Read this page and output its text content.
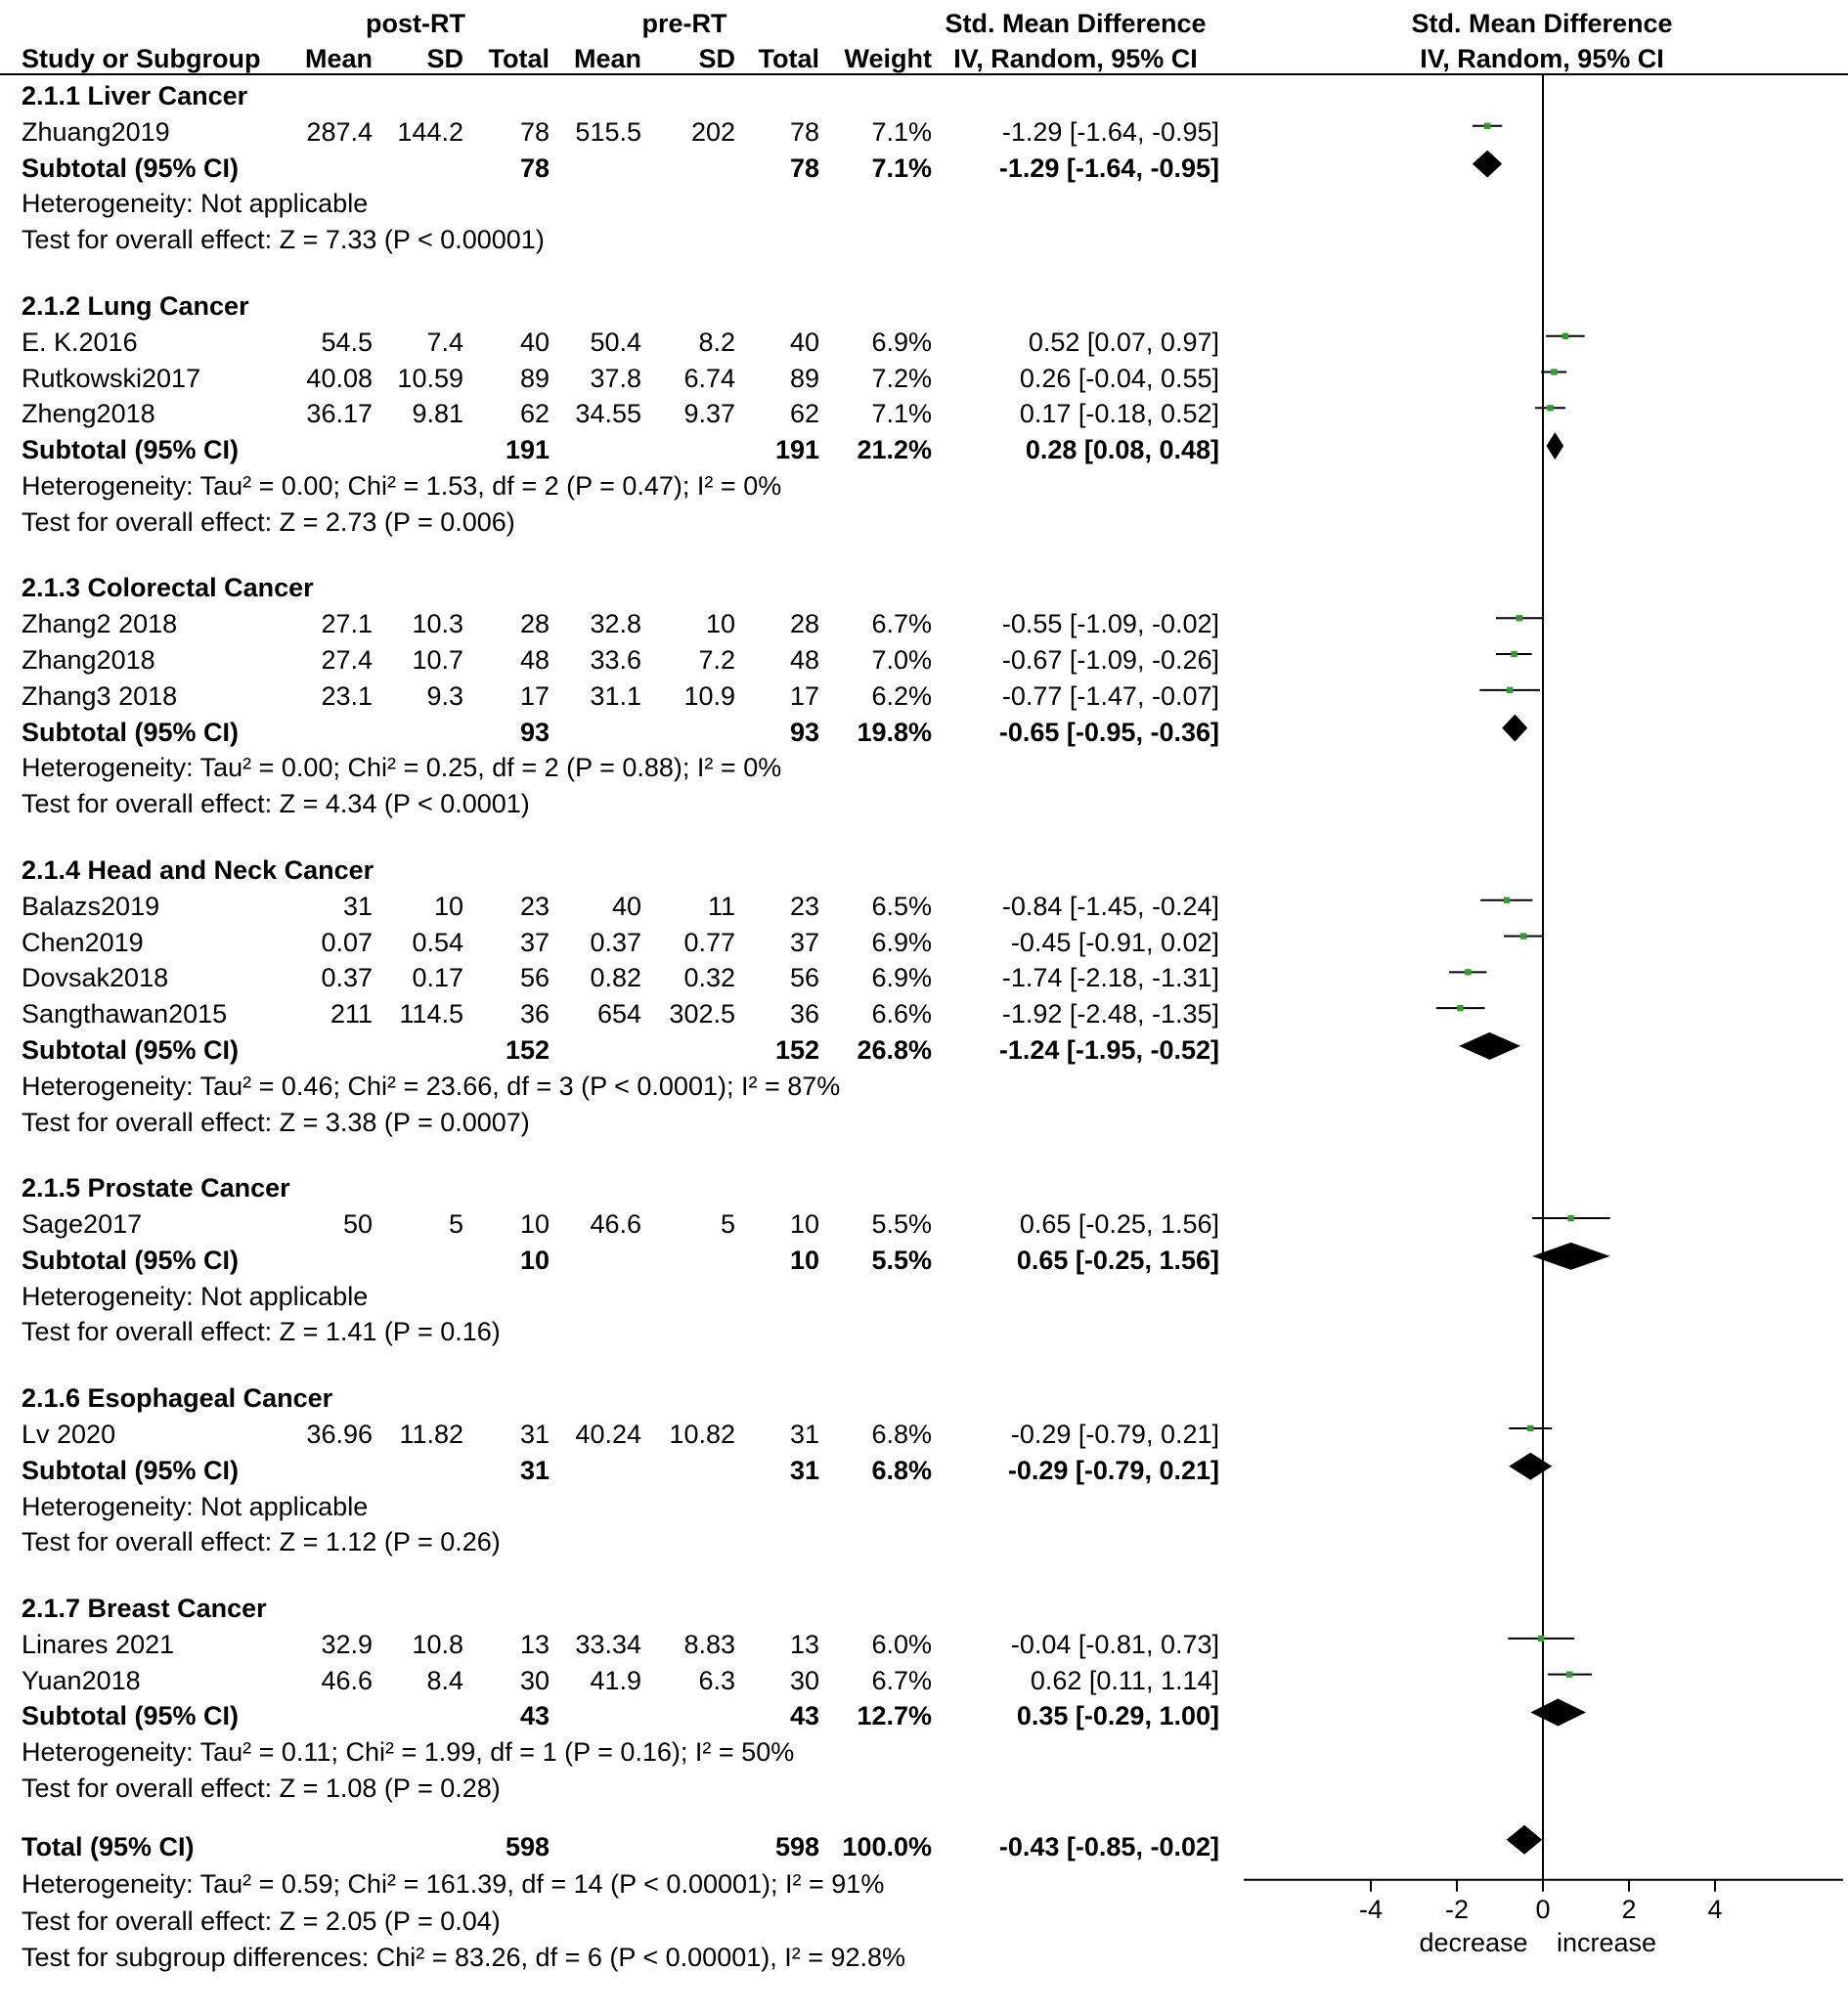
post-RT	pre-RT	Std. Mean Difference	Std. Mean Difference
Study or Subgroup Mean SD Total Mean SD Total Weight IV, Random, 95% CI	IV, Random, 95% CI
2.1.1 Liver Cancer
Zhuang2019	287.4 144.2 78 515.5 202 78 7.1%	-1.29 [-1.64, -0.95]
Subtotal (95% CI)	78	78 7.1%	-1.29 [-1.64, -0.95]
Heterogeneity: Not applicable
Test for overall effect: Z = 7.33 (P < 0.00001)
2.1.2 Lung Cancer
E. K.2016	54.5 7.4 40 50.4 8.2 40 6.9%	0.52 [0.07, 0.97]
Rutkowski2017	40.08 10.59 89 37.8 6.74 89 7.2%	0.26 [-0.04, 0.55]
Zheng2018	36.17 9.81 62 34.55 9.37 62 7.1%	0.17 [-0.18, 0.52]
Subtotal (95% CI)	191	191 21.2%	0.28 [0.08, 0.48]
Heterogeneity: Tau² = 0.00; Chi² = 1.53, df = 2 (P = 0.47); I² = 0%
Test for overall effect: Z = 2.73 (P = 0.006)
2.1.3 Colorectal Cancer
Zhang2 2018	27.1 10.3 28 32.8 10 28 6.7%	-0.55 [-1.09, -0.02]
Zhang2018	27.4 10.7 48 33.6 7.2 48 7.0%	-0.67 [-1.09, -0.26]
Zhang3 2018	23.1 9.3 17 31.1 10.9 17 6.2%	-0.77 [-1.47, -0.07]
Subtotal (95% CI)	93	93 19.8%	-0.65 [-0.95, -0.36]
Heterogeneity: Tau² = 0.00; Chi² = 0.25, df = 2 (P = 0.88); I² = 0%
Test for overall effect: Z = 4.34 (P < 0.0001)
2.1.4 Head and Neck Cancer
Balazs2019	31 10 23 40	11 23 6.5%	-0.84 [-1.45, -0.24]
Chen2019	0.07 0.54 37 0.37 0.77 37 6.9%	-0.45 [-0.91, 0.02]
Dovsak2018	0.37 0.17 56 0.82 0.32 56 6.9%	-1.74 [-2.18, -1.31]
Sangthawan2015	211 114.5 36 654 302.5 36 6.6%	-1.92 [-2.48, -1.35]
Subtotal (95% CI)	152	152 26.8%	-1.24 [-1.95, -0.52]
Heterogeneity: Tau² = 0.46; Chi² = 23.66, df = 3 (P < 0.0001); I² = 87%
Test for overall effect: Z = 3.38 (P = 0.0007)
2.1.5 Prostate Cancer
Sage2017	50	5 10 46.6	5 10 5.5%	0.65 [-0.25, 1.56]
Subtotal (95% CI)	10	10 5.5%	0.65 [-0.25, 1.56]
Heterogeneity: Not applicable
Test for overall effect: Z = 1.41 (P = 0.16)
2.1.6 Esophageal Cancer
Lv 2020	36.96 11.82 31 40.24 10.82 31 6.8%	-0.29 [-0.79, 0.21]
Subtotal (95% CI)	31	31 6.8%	-0.29 [-0.79, 0.21]
Heterogeneity: Not applicable
Test for overall effect: Z = 1.12 (P = 0.26)
2.1.7 Breast Cancer
Linares 2021	32.9 10.8 13 33.34 8.83 13 6.0%	-0.04 [-0.81, 0.73]
Yuan2018	46.6 8.4 30 41.9 6.3 30 6.7%	0.62 [0.11, 1.14]
Subtotal (95% CI)	43	43 12.7%	0.35 [-0.29, 1.00]
Heterogeneity: Tau² = 0.11; Chi² = 1.99, df = 1 (P = 0.16); I² = 50%
Test for overall effect: Z = 1.08 (P = 0.28)
Total (95% CI)	598	598 100.0%	-0.43 [-0.85, -0.02]
Heterogeneity: Tau² = 0.59; Chi² = 161.39, df = 14 (P < 0.00001); I² = 91%
Test for overall effect: Z = 2.05 (P = 0.04)
Test for subgroup differences: Chi² = 83.26, df = 6 (P < 0.00001), I² = 92.8%
-4	-2	0	2	4
decrease	increase
